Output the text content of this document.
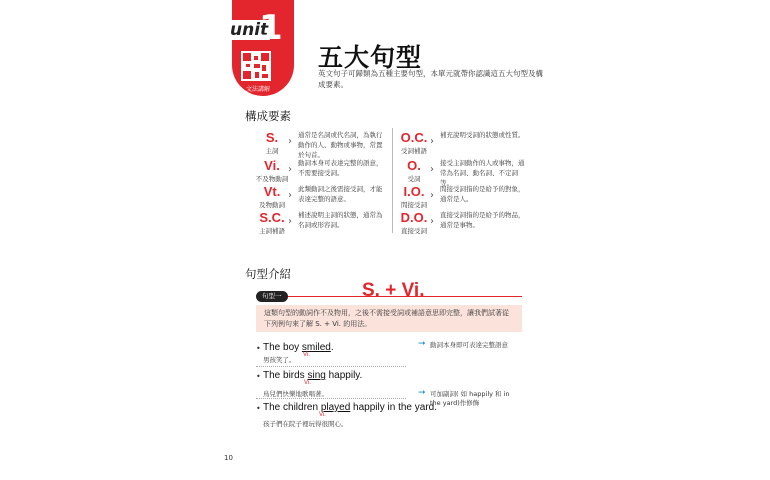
unit
1
文法講解
五大句型
英文句子可歸類為五種主要句型，本單元就帶你認識這五大句型及構成要素。
構成要素
S.
主詞
›
通常是名詞或代名詞，為執行動作的人、動物或事物，常置於句首。
Vi.
不及物動詞
›
動詞本身可表達完整的語意，不需要接受詞。
Vt.
及物動詞
›
此類動詞之後需接受詞，才能表達完整的語意。
S.C.
主詞補語
›
補述說明主詞的狀態，通常為名詞或形容詞。
O.C.
受詞補語
›
補充說明受詞的狀態或性質。
O.
受詞
›
接受主詞動作的人或事物，通常為名詞、動名詞、不定詞等。
I.O.
間接受詞
›
間接受詞指的是給予的對象，通常是人。
D.O.
直接受詞
›
直接受詞指的是給予的物品，通常是事物。
句型介紹
句型一	S. + Vi.
這類句型的動詞作不及物用，之後不需接受詞或補語意思即完整，讓我們試著從下列例句來了解 S. + Vi. 的用法。
• The boy smiled.
Vi.
男孩笑了。
• The birds sing happily.
Vi.
鳥兒們快樂地歌唱著。
• The children played happily in the yard.
Vi.
孩子們在院子裡玩得很開心。
➞ 動詞本身即可表達完整語意
➞ 可加副詞( 如 happily 和 in the yard)作修飾
10
